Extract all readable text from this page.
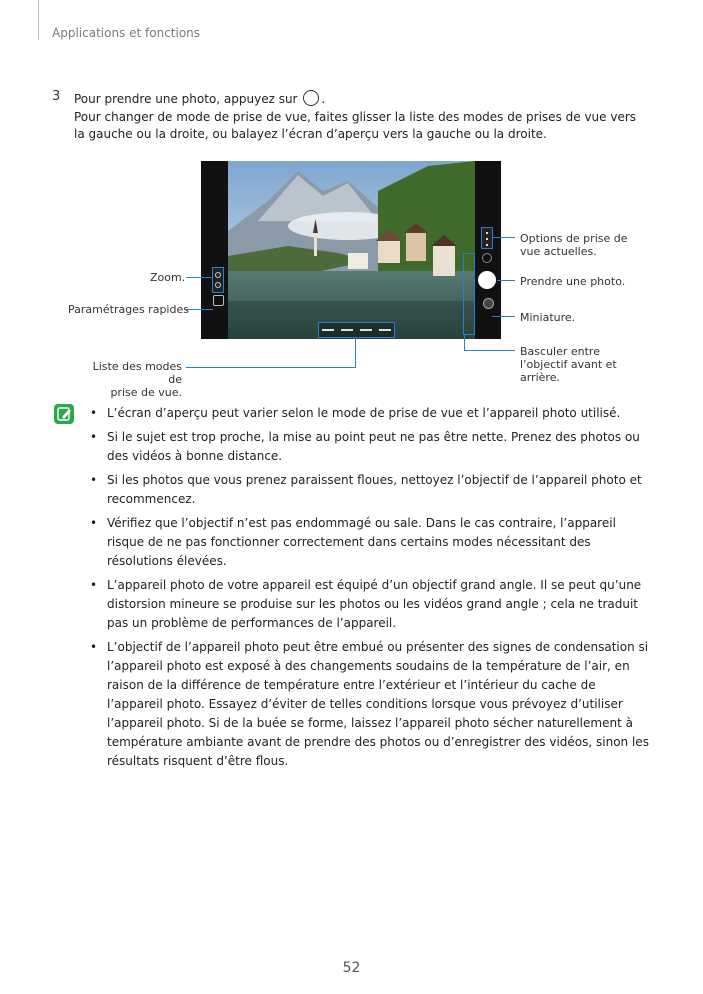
Applications et fonctions
3 Pour prendre une photo, appuyez sur .
Pour changer de mode de prise de vue, faites glisser la liste des modes de prises de vue vers la gauche ou la droite, ou balayez l’écran d’aperçu vers la gauche ou la droite.
Zoom.
Paramétrages rapides
Liste des modes de
prise de vue.
Options de prise de
vue actuelles.
Prendre une photo.
Miniature.
Basculer entre
l’objectif avant et
arrière.
• L’écran d’aperçu peut varier selon le mode de prise de vue et l’appareil photo utilisé.
• Si le sujet est trop proche, la mise au point peut ne pas être nette. Prenez des photos ou des vidéos à bonne distance.
• Si les photos que vous prenez paraissent floues, nettoyez l’objectif de l’appareil photo et recommencez.
• Vérifiez que l’objectif n’est pas endommagé ou sale. Dans le cas contraire, l’appareil risque de ne pas fonctionner correctement dans certains modes nécessitant des résolutions élevées.
• L’appareil photo de votre appareil est équipé d’un objectif grand angle. Il se peut qu’une distorsion mineure se produise sur les photos ou les vidéos grand angle ; cela ne traduit pas un problème de performances de l’appareil.
• L’objectif de l’appareil photo peut être embué ou présenter des signes de condensation si l’appareil photo est exposé à des changements soudains de la température de l’air, en raison de la différence de température entre l’extérieur et l’intérieur du cache de l’appareil photo. Essayez d’éviter de telles conditions lorsque vous prévoyez d’utiliser l’appareil photo. Si de la buée se forme, laissez l’appareil photo sécher naturellement à température ambiante avant de prendre des photos ou d’enregistrer des vidéos, sinon les résultats risquent d’être flous.
52
